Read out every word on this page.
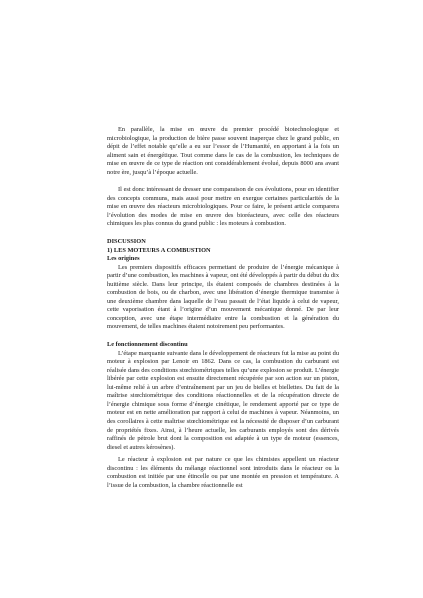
En parallèle, la mise en œuvre du premier procédé biotechnologique et microbiologique, la production de bière passe souvent inaperçue chez le grand public, en dépit de l’effet notable qu’elle a eu sur l’essor de l’Humanité, en apportant à la fois un aliment sain et énergétique. Tout comme dans le cas de la combustion, les techniques de mise en œuvre de ce type de réaction ont considérablement évolué, depuis 8000 ans avant notre ère, jusqu’à l’époque actuelle.

Il est donc intéressant de dresser une comparaison de ces évolutions, pour en identifier des concepts communs, mais aussi pour mettre en exergue certaines particularités de la mise en œuvre des réacteurs microbiologiques. Pour ce faire, le présent article comparera l’évolution des modes de mise en œuvre des bioréacteurs, avec celle des réacteurs chimiques les plus connus du grand public : les moteurs à combustion.

DISCUSSION

1) LES MOTEURS A COMBUSTION

Les origines

Les premiers dispositifs efficaces permettant de produire de l’énergie mécanique à partir d’une combustion, les machines à vapeur, ont été développés à partir du début du dix huitième siècle. Dans leur principe, ils étaient composés de chambres destinées à la combustion de bois, ou de charbon, avec une libération d’énergie thermique transmise à une deuxième chambre dans laquelle de l’eau passait de l’état liquide à celui de vapeur, cette vaporisation étant à l’origine d’un mouvement mécanique donné. De par leur conception, avec une étape intermédiaire entre la combustion et la génération du mouvement, de telles machines étaient notoirement peu performantes.

Le fonctionnement discontinu

L’étape marquante suivante dans le développement de réacteurs fut la mise au point du moteur à explosion par Lenoir en 1862. Dans ce cas, la combustion du carburant est réalisée dans des conditions stœchiométriques telles qu’une explosion se produit. L’énergie libérée par cette explosion est ensuite directement récupérée par son action sur un piston, lui-même relié à un arbre d’entraînement par un jeu de bielles et biellettes. Du fait de la maîtrise stœchiométrique des conditions réactionnelles et de la récupération directe de l’énergie chimique sous forme d’énergie cinétique, le rendement apporté par ce type de moteur est en nette amélioration par rapport à celui de machines à vapeur. Néanmoins, un des corollaires à cette maîtrise stœchiométrique est la nécessité de disposer d’un carburant de propriétés fixes. Ainsi, à l’heure actuelle, les carburants employés sont des dérivés raffinés de pétrole brut dont la composition est adaptée à un type de moteur (essences, diesel et autres kérosènes).

Le réacteur à explosion est par nature ce que les chimistes appellent un réacteur discontinu : les éléments du mélange réactionnel sont introduits dans le réacteur ou la combustion est initiée par une étincelle ou par une montée en pression et température. A l’issue de la combustion, la chambre réactionnelle est
